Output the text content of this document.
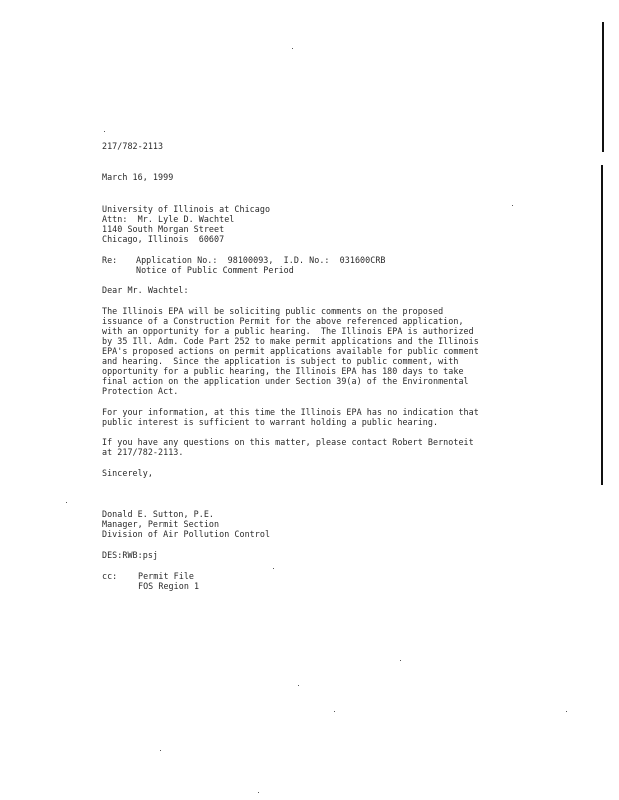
217/782-2113
March 16, 1999
University of Illinois at Chicago
Attn:  Mr. Lyle D. Wachtel
1140 South Morgan Street
Chicago, Illinois  60607
Re: Application No.:  98100093,  I.D. No.:  031600CRB
Notice of Public Comment Period
Dear Mr. Wachtel:
The Illinois EPA will be soliciting public comments on the proposed
issuance of a Construction Permit for the above referenced application,
with an opportunity for a public hearing.  The Illinois EPA is authorized
by 35 Ill. Adm. Code Part 252 to make permit applications and the Illinois
EPA's proposed actions on permit applications available for public comment
and hearing.  Since the application is subject to public comment, with
opportunity for a public hearing, the Illinois EPA has 180 days to take
final action on the application under Section 39(a) of the Environmental
Protection Act.
For your information, at this time the Illinois EPA has no indication that
public interest is sufficient to warrant holding a public hearing.
If you have any questions on this matter, please contact Robert Bernoteit
at 217/782-2113.
Sincerely,
Donald E. Sutton, P.E.
Manager, Permit Section
Division of Air Pollution Control
DES:RWB:psj
cc: Permit File
FOS Region 1
